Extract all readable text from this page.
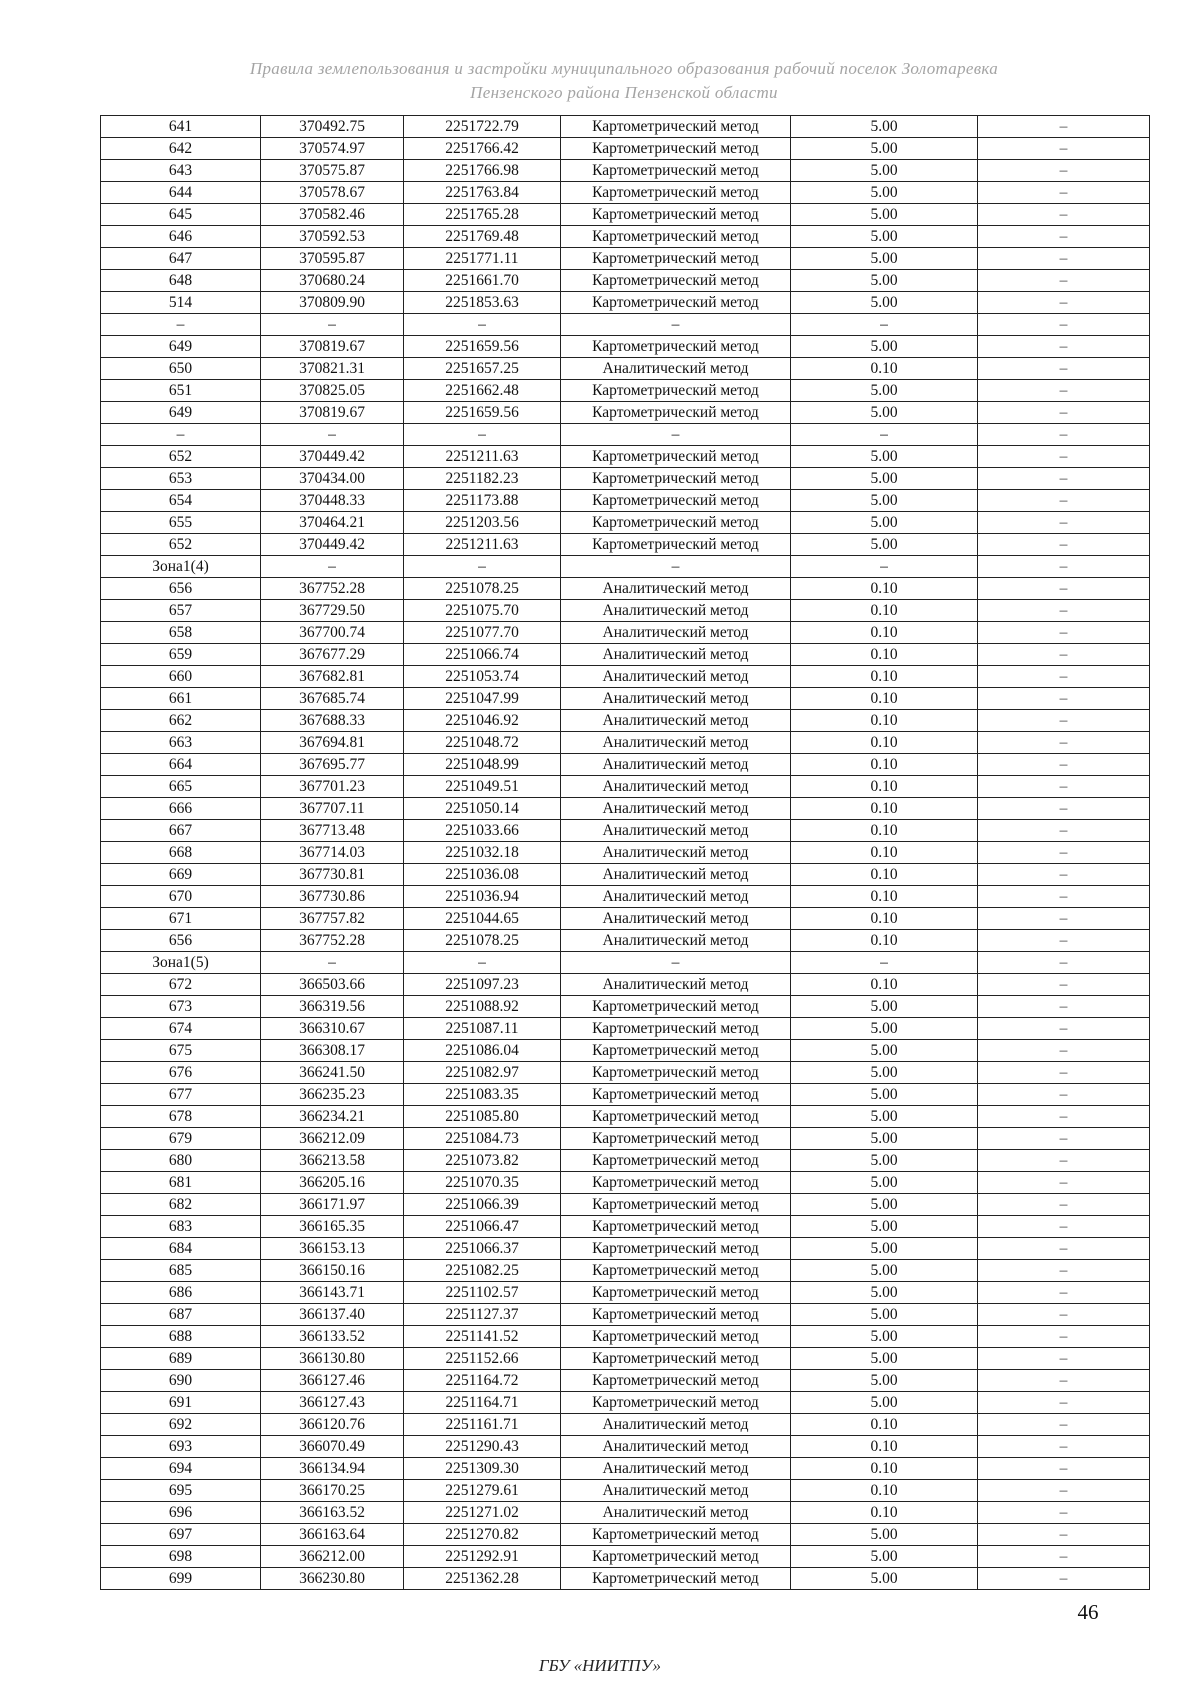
Правила землепользования и застройки муниципального образования рабочий поселок Золотаревка
Пензенского района Пензенской области
641	370492.75	2251722.79	Картометрический метод	5.00	–
642	370574.97	2251766.42	Картометрический метод	5.00	–
643	370575.87	2251766.98	Картометрический метод	5.00	–
644	370578.67	2251763.84	Картометрический метод	5.00	–
645	370582.46	2251765.28	Картометрический метод	5.00	–
646	370592.53	2251769.48	Картометрический метод	5.00	–
647	370595.87	2251771.11	Картометрический метод	5.00	–
648	370680.24	2251661.70	Картометрический метод	5.00	–
514	370809.90	2251853.63	Картометрический метод	5.00	–
–	–	–	–	–	–
649	370819.67	2251659.56	Картометрический метод	5.00	–
650	370821.31	2251657.25	Аналитический метод	0.10	–
651	370825.05	2251662.48	Картометрический метод	5.00	–
649	370819.67	2251659.56	Картометрический метод	5.00	–
–	–	–	–	–	–
652	370449.42	2251211.63	Картометрический метод	5.00	–
653	370434.00	2251182.23	Картометрический метод	5.00	–
654	370448.33	2251173.88	Картометрический метод	5.00	–
655	370464.21	2251203.56	Картометрический метод	5.00	–
652	370449.42	2251211.63	Картометрический метод	5.00	–
Зона1(4)	–	–	–	–	–
656	367752.28	2251078.25	Аналитический метод	0.10	–
657	367729.50	2251075.70	Аналитический метод	0.10	–
658	367700.74	2251077.70	Аналитический метод	0.10	–
659	367677.29	2251066.74	Аналитический метод	0.10	–
660	367682.81	2251053.74	Аналитический метод	0.10	–
661	367685.74	2251047.99	Аналитический метод	0.10	–
662	367688.33	2251046.92	Аналитический метод	0.10	–
663	367694.81	2251048.72	Аналитический метод	0.10	–
664	367695.77	2251048.99	Аналитический метод	0.10	–
665	367701.23	2251049.51	Аналитический метод	0.10	–
666	367707.11	2251050.14	Аналитический метод	0.10	–
667	367713.48	2251033.66	Аналитический метод	0.10	–
668	367714.03	2251032.18	Аналитический метод	0.10	–
669	367730.81	2251036.08	Аналитический метод	0.10	–
670	367730.86	2251036.94	Аналитический метод	0.10	–
671	367757.82	2251044.65	Аналитический метод	0.10	–
656	367752.28	2251078.25	Аналитический метод	0.10	–
Зона1(5)	–	–	–	–	–
672	366503.66	2251097.23	Аналитический метод	0.10	–
673	366319.56	2251088.92	Картометрический метод	5.00	–
674	366310.67	2251087.11	Картометрический метод	5.00	–
675	366308.17	2251086.04	Картометрический метод	5.00	–
676	366241.50	2251082.97	Картометрический метод	5.00	–
677	366235.23	2251083.35	Картометрический метод	5.00	–
678	366234.21	2251085.80	Картометрический метод	5.00	–
679	366212.09	2251084.73	Картометрический метод	5.00	–
680	366213.58	2251073.82	Картометрический метод	5.00	–
681	366205.16	2251070.35	Картометрический метод	5.00	–
682	366171.97	2251066.39	Картометрический метод	5.00	–
683	366165.35	2251066.47	Картометрический метод	5.00	–
684	366153.13	2251066.37	Картометрический метод	5.00	–
685	366150.16	2251082.25	Картометрический метод	5.00	–
686	366143.71	2251102.57	Картометрический метод	5.00	–
687	366137.40	2251127.37	Картометрический метод	5.00	–
688	366133.52	2251141.52	Картометрический метод	5.00	–
689	366130.80	2251152.66	Картометрический метод	5.00	–
690	366127.46	2251164.72	Картометрический метод	5.00	–
691	366127.43	2251164.71	Картометрический метод	5.00	–
692	366120.76	2251161.71	Аналитический метод	0.10	–
693	366070.49	2251290.43	Аналитический метод	0.10	–
694	366134.94	2251309.30	Аналитический метод	0.10	–
695	366170.25	2251279.61	Аналитический метод	0.10	–
696	366163.52	2251271.02	Аналитический метод	0.10	–
697	366163.64	2251270.82	Картометрический метод	5.00	–
698	366212.00	2251292.91	Картометрический метод	5.00	–
699	366230.80	2251362.28	Картометрический метод	5.00	–
46
ГБУ «НИИТПУ»
